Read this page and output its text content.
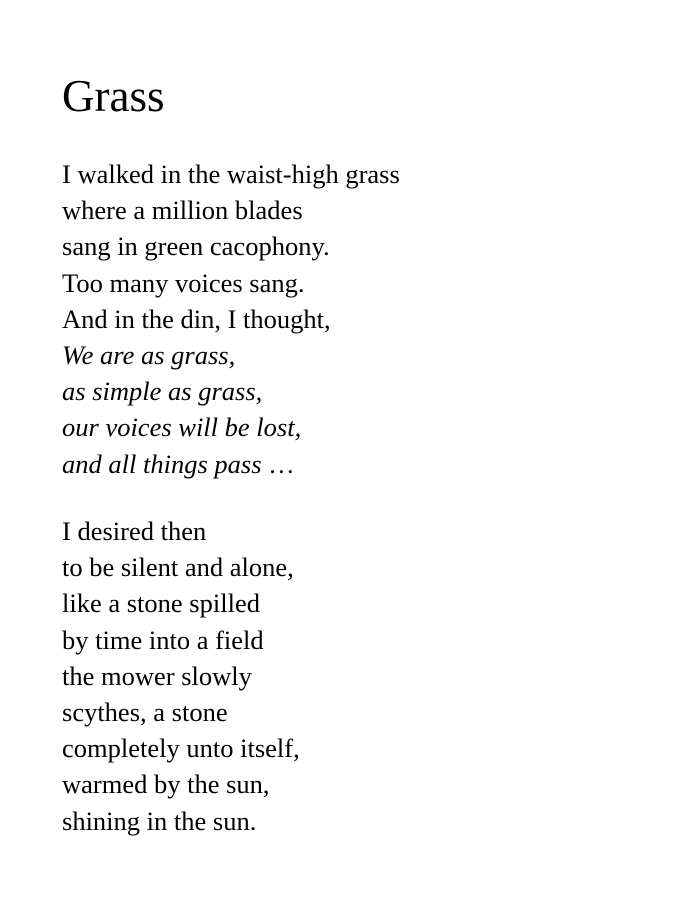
Grass
I walked in the waist-high grass
where a million blades
sang in green cacophony.
Too many voices sang.
And in the din, I thought,
We are as grass,
as simple as grass,
our voices will be lost,
and all things pass …
I desired then
to be silent and alone,
like a stone spilled
by time into a field
the mower slowly
scythes, a stone
completely unto itself,
warmed by the sun,
shining in the sun.
